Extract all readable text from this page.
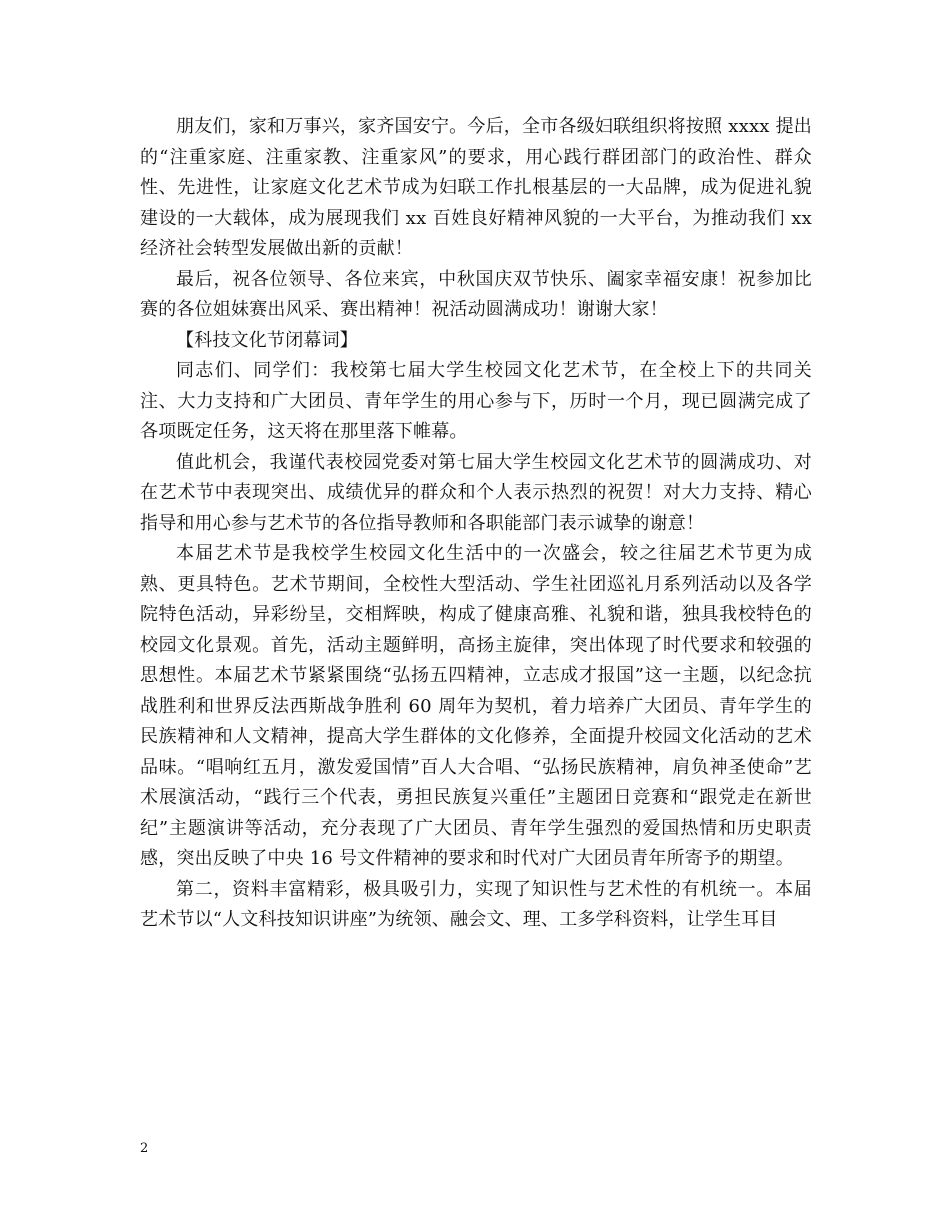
朋友们，家和万事兴，家齐国安宁。今后，全市各级妇联组织将按照 xxxx 提出的“注重家庭、注重家教、注重家风”的要求，用心践行群团部门的政治性、群众性、先进性，让家庭文化艺术节成为妇联工作扎根基层的一大品牌，成为促进礼貌建设的一大载体，成为展现我们 xx 百姓良好精神风貌的一大平台，为推动我们 xx 经济社会转型发展做出新的贡献！

最后，祝各位领导、各位来宾，中秋国庆双节快乐、阖家幸福安康！祝参加比赛的各位姐妹赛出风采、赛出精神！祝活动圆满成功！谢谢大家！

【科技文化节闭幕词】

同志们、同学们：我校第七届大学生校园文化艺术节，在全校上下的共同关注、大力支持和广大团员、青年学生的用心参与下，历时一个月，现已圆满完成了各项既定任务，这天将在那里落下帷幕。

值此机会，我谨代表校园党委对第七届大学生校园文化艺术节的圆满成功、对在艺术节中表现突出、成绩优异的群众和个人表示热烈的祝贺！对大力支持、精心指导和用心参与艺术节的各位指导教师和各职能部门表示诚挚的谢意！

本届艺术节是我校学生校园文化生活中的一次盛会，较之往届艺术节更为成熟、更具特色。艺术节期间，全校性大型活动、学生社团巡礼月系列活动以及各学院特色活动，异彩纷呈，交相辉映，构成了健康高雅、礼貌和谐，独具我校特色的校园文化景观。首先，活动主题鲜明，高扬主旋律，突出体现了时代要求和较强的思想性。本届艺术节紧紧围绕“弘扬五四精神，立志成才报国”这一主题，以纪念抗战胜利和世界反法西斯战争胜利 60 周年为契机，着力培养广大团员、青年学生的民族精神和人文精神，提高大学生群体的文化修养，全面提升校园文化活动的艺术品味。“唱响红五月，激发爱国情”百人大合唱、“弘扬民族精神，肩负神圣使命”艺术展演活动，“践行三个代表，勇担民族复兴重任”主题团日竞赛和“跟党走在新世纪”主题演讲等活动，充分表现了广大团员、青年学生强烈的爱国热情和历史职责感，突出反映了中央 16 号文件精神的要求和时代对广大团员青年所寄予的期望。

第二，资料丰富精彩，极具吸引力，实现了知识性与艺术性的有机统一。本届艺术节以“人文科技知识讲座”为统领、融会文、理、工多学科资料，让学生耳目

2
